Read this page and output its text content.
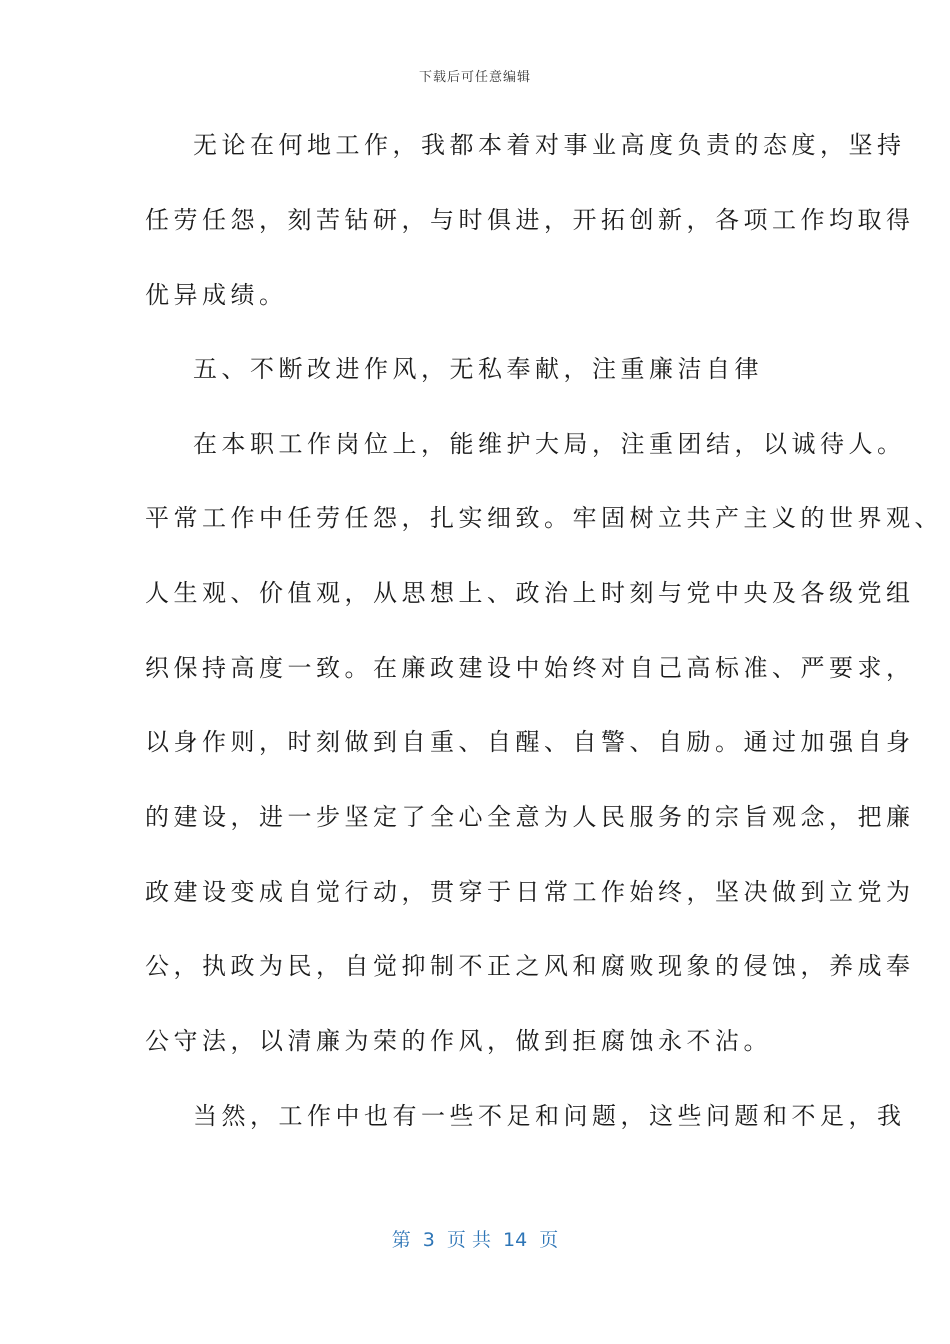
下载后可任意编辑
无论在何地工作，我都本着对事业高度负责的态度，坚持
任劳任怨，刻苦钻研，与时俱进，开拓创新，各项工作均取得
优异成绩。
五、不断改进作风，无私奉献，注重廉洁自律
在本职工作岗位上，能维护大局，注重团结，以诚待人。
平常工作中任劳任怨，扎实细致。牢固树立共产主义的世界观、
人生观、价值观，从思想上、政治上时刻与党中央及各级党组
织保持高度一致。在廉政建设中始终对自己高标准、严要求，
以身作则，时刻做到自重、自醒、自警、自励。通过加强自身
的建设，进一步坚定了全心全意为人民服务的宗旨观念，把廉
政建设变成自觉行动，贯穿于日常工作始终，坚决做到立党为
公，执政为民，自觉抑制不正之风和腐败现象的侵蚀，养成奉
公守法，以清廉为荣的作风，做到拒腐蚀永不沾。
当然，工作中也有一些不足和问题，这些问题和不足，我
第  3  页 共  14  页
